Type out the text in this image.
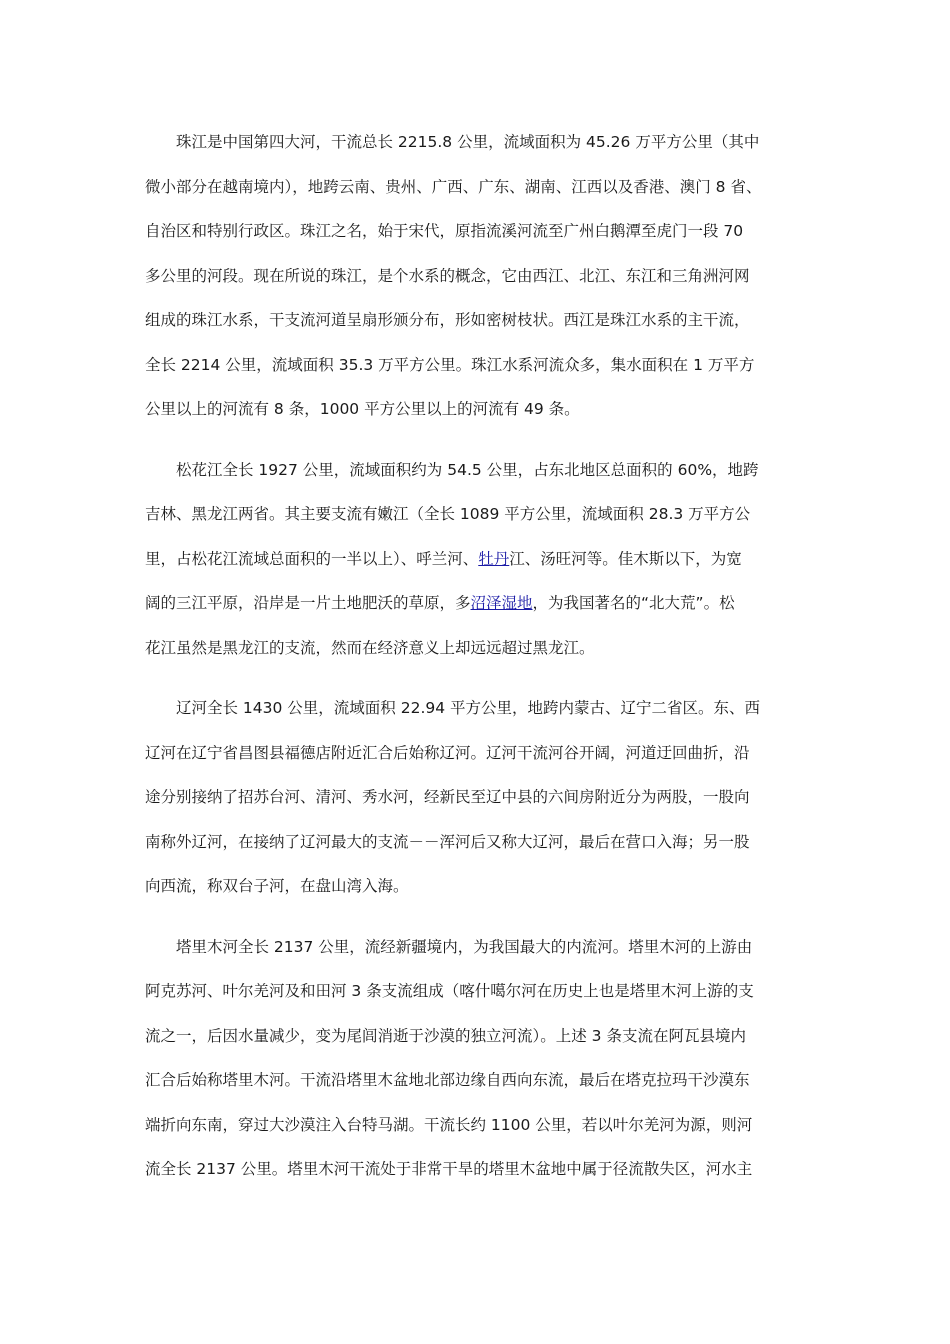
珠江是中国第四大河，干流总长 2215.8 公里，流域面积为 45.26 万平方公里（其中
微小部分在越南境内），地跨云南、贵州、广西、广东、湖南、江西以及香港、澳门 8 省、
自治区和特别行政区。珠江之名，始于宋代，原指流溪河流至广州白鹅潭至虎门一段 70
多公里的河段。现在所说的珠江，是个水系的概念，它由西江、北江、东江和三角洲河网
组成的珠江水系，干支流河道呈扇形颁分布，形如密树枝状。西江是珠江水系的主干流，
全长 2214 公里，流域面积 35.3 万平方公里。珠江水系河流众多，集水面积在 1 万平方
公里以上的河流有 8 条，1000 平方公里以上的河流有 49 条。

松花江全长 1927 公里，流域面积约为 54.5 公里，占东北地区总面积的 60%，地跨
吉林、黑龙江两省。其主要支流有嫩江（全长 1089 平方公里，流域面积 28.3 万平方公
里，占松花江流域总面积的一半以上）、呼兰河、牡丹江、汤旺河等。佳木斯以下，为宽
阔的三江平原，沿岸是一片土地肥沃的草原，多沼泽湿地，为我国著名的“北大荒”。松
花江虽然是黑龙江的支流，然而在经济意义上却远远超过黑龙江。

辽河全长 1430 公里，流域面积 22.94 平方公里，地跨内蒙古、辽宁二省区。东、西
辽河在辽宁省昌图县福德店附近汇合后始称辽河。辽河干流河谷开阔，河道迂回曲折，沿
途分别接纳了招苏台河、清河、秀水河，经新民至辽中县的六间房附近分为两股，一股向
南称外辽河，在接纳了辽河最大的支流－－浑河后又称大辽河，最后在营口入海；另一股
向西流，称双台子河，在盘山湾入海。

塔里木河全长 2137 公里，流经新疆境内，为我国最大的内流河。塔里木河的上游由
阿克苏河、叶尔羌河及和田河 3 条支流组成（喀什噶尔河在历史上也是塔里木河上游的支
流之一，后因水量减少，变为尾闾消逝于沙漠的独立河流）。上述 3 条支流在阿瓦县境内
汇合后始称塔里木河。干流沿塔里木盆地北部边缘自西向东流，最后在塔克拉玛干沙漠东
端折向东南，穿过大沙漠注入台特马湖。干流长约 1100 公里，若以叶尔羌河为源，则河
流全长 2137 公里。塔里木河干流处于非常干旱的塔里木盆地中属于径流散失区，河水主
